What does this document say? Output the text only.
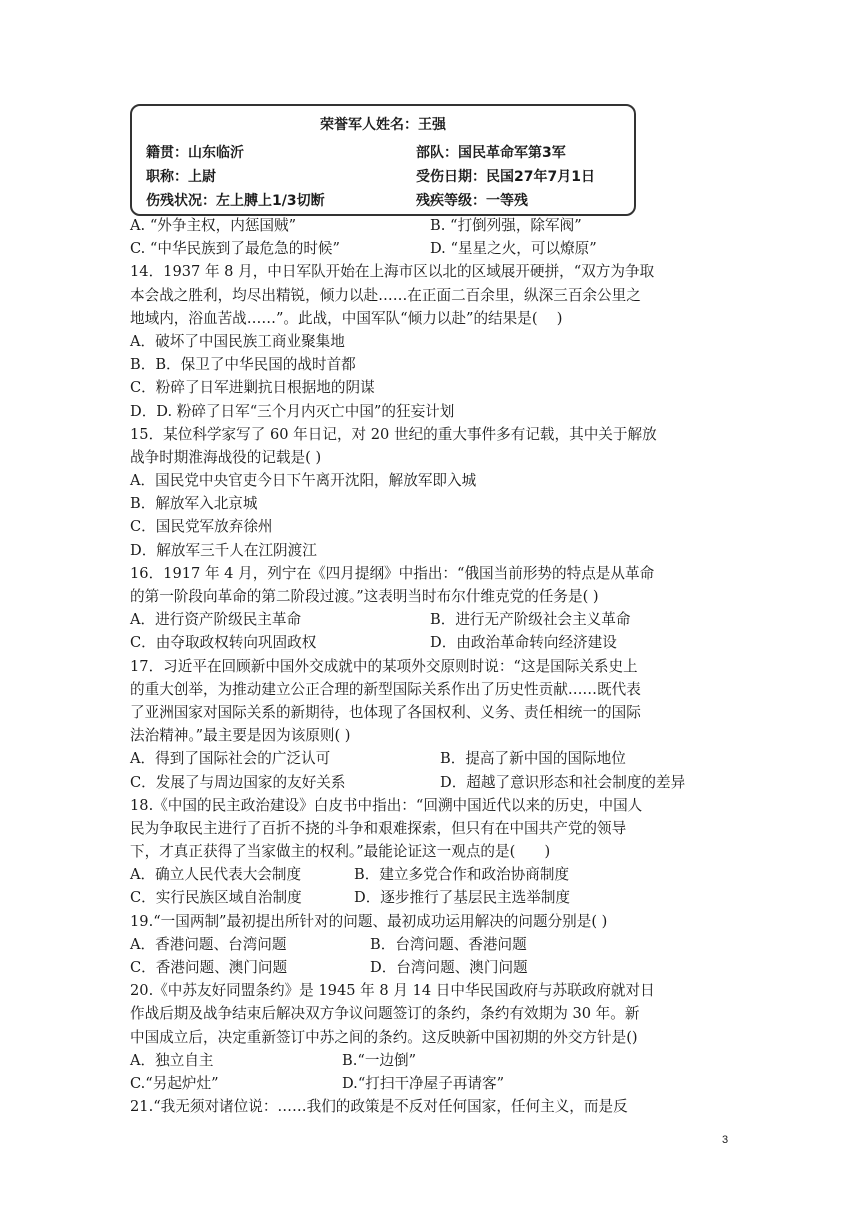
荣誉军人姓名：王强
籍贯：山东临沂	部队：国民革命军第3军
职称：上尉	受伤日期：民国27年7月1日
伤残状况：左上膊上1/3切断	残疾等级：一等残
A. “外争主权，内惩国贼”	B. “打倒列强，除军阀”
C. “中华民族到了最危急的时候”	D. “星星之火，可以燎原”
14．1937 年 8 月，中日军队开始在上海市区以北的区域展开硬拼，“双方为争取
本会战之胜利，均尽出精锐，倾力以赴……在正面二百余里，纵深三百余公里之
地域内，浴血苦战……”。此战，中国军队“倾力以赴”的结果是(　 )
A．破坏了中国民族工商业聚集地
B．B．保卫了中华民国的战时首都
C．粉碎了日军进剿抗日根据地的阴谋
D．D. 粉碎了日军“三个月内灭亡中国”的狂妄计划
15．某位科学家写了 60 年日记，对 20 世纪的重大事件多有记载，其中关于解放
战争时期淮海战役的记载是( )
A．国民党中央官吏今日下午离开沈阳，解放军即入城
B．解放军入北京城
C．国民党军放弃徐州
D．解放军三千人在江阴渡江
16．1917 年 4 月，列宁在《四月提纲》中指出：“俄国当前形势的特点是从革命
的第一阶段向革命的第二阶段过渡。”这表明当时布尔什维克党的任务是( )
A．进行资产阶级民主革命	B．进行无产阶级社会主义革命
C．由夺取政权转向巩固政权	D．由政治革命转向经济建设
17．习近平在回顾新中国外交成就中的某项外交原则时说：“这是国际关系史上
的重大创举，为推动建立公正合理的新型国际关系作出了历史性贡献……既代表
了亚洲国家对国际关系的新期待，也体现了各国权利、义务、责任相统一的国际
法治精神。”最主要是因为该原则( )
A．得到了国际社会的广泛认可	B．提高了新中国的国际地位
C．发展了与周边国家的友好关系	D．超越了意识形态和社会制度的差异
18.《中国的民主政治建设》白皮书中指出：“回溯中国近代以来的历史，中国人
民为争取民主进行了百折不挠的斗争和艰难探索，但只有在中国共产党的领导
下，才真正获得了当家做主的权利。”最能论证这一观点的是(　　)
A．确立人民代表大会制度	B．建立多党合作和政治协商制度
C．实行民族区域自治制度	D．逐步推行了基层民主选举制度
19.“一国两制”最初提出所针对的问题、最初成功运用解决的问题分别是( )
A．香港问题、台湾问题	B．台湾问题、香港问题
C．香港问题、澳门问题	D．台湾问题、澳门问题
20.《中苏友好同盟条约》是 1945 年 8 月 14 日中华民国政府与苏联政府就对日
作战后期及战争结束后解决双方争议问题签订的条约，条约有效期为 30 年。新
中国成立后，决定重新签订中苏之间的条约。这反映新中国初期的外交方针是()
A．独立自主	B.“一边倒”
C.“另起炉灶”	D.“打扫干净屋子再请客”
21.“我无须对诸位说：……我们的政策是不反对任何国家，任何主义，而是反
3
